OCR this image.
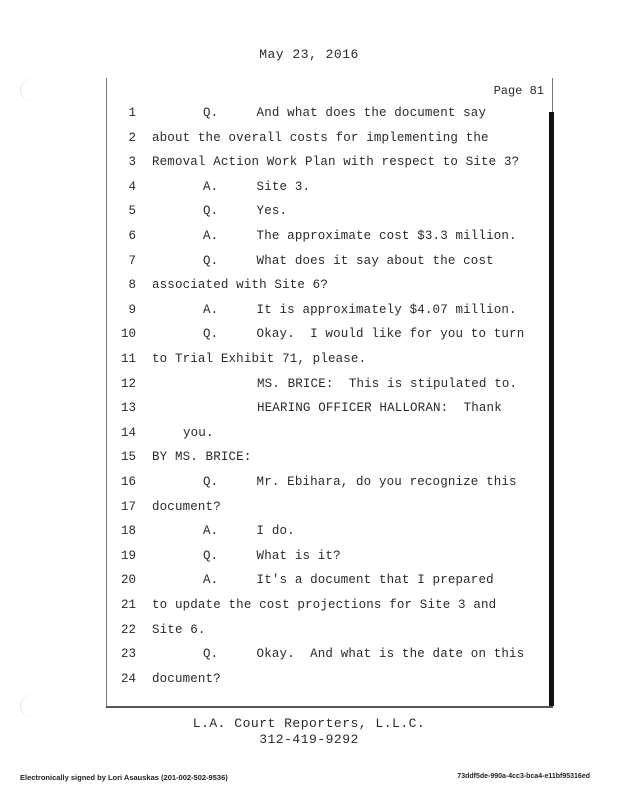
May 23, 2016
Page 81
1	Q.     And what does the document say
2 about the overall costs for implementing the
3 Removal Action Work Plan with respect to Site 3?
4	A.     Site 3.
5	Q.     Yes.
6	A.     The approximate cost $3.3 million.
7	Q.     What does it say about the cost
8 associated with Site 6?
9	A.     It is approximately $4.07 million.
10	Q.     Okay.  I would like for you to turn
11 to Trial Exhibit 71, please.
12	MS. BRICE:  This is stipulated to.
13	HEARING OFFICER HALLORAN:  Thank
14	you.
15 BY MS. BRICE:
16	Q.     Mr. Ebihara, do you recognize this
17 document?
18	A.     I do.
19	Q.     What is it?
20	A.     It's a document that I prepared
21 to update the cost projections for Site 3 and
22 Site 6.
23	Q.     Okay.  And what is the date on this
24 document?
L.A. Court Reporters, L.L.C.
312-419-9292
Electronically signed by Lori Asauskas (201-002-502-9536)	73ddf5de-990a-4cc3-bca4-e11bf95316ed
